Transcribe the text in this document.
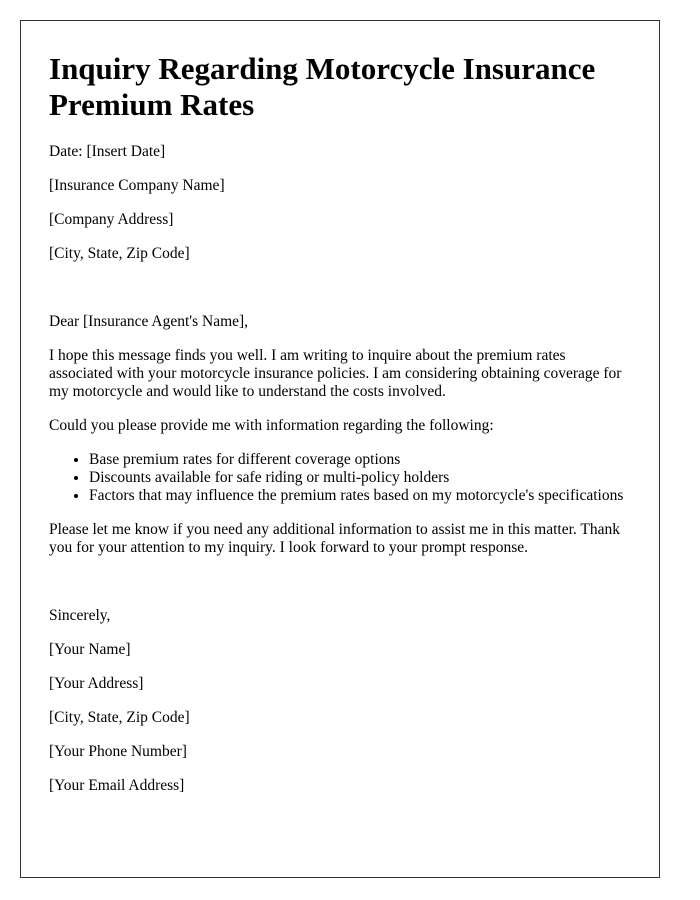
Inquiry Regarding Motorcycle Insurance Premium Rates

Date: [Insert Date]

[Insurance Company Name]

[Company Address]

[City, State, Zip Code]

Dear [Insurance Agent's Name],

I hope this message finds you well. I am writing to inquire about the premium rates associated with your motorcycle insurance policies. I am considering obtaining coverage for my motorcycle and would like to understand the costs involved.

Could you please provide me with information regarding the following:

• Base premium rates for different coverage options
• Discounts available for safe riding or multi-policy holders
• Factors that may influence the premium rates based on my motorcycle's specifications

Please let me know if you need any additional information to assist me in this matter. Thank you for your attention to my inquiry. I look forward to your prompt response.

Sincerely,

[Your Name]

[Your Address]

[City, State, Zip Code]

[Your Phone Number]

[Your Email Address]
